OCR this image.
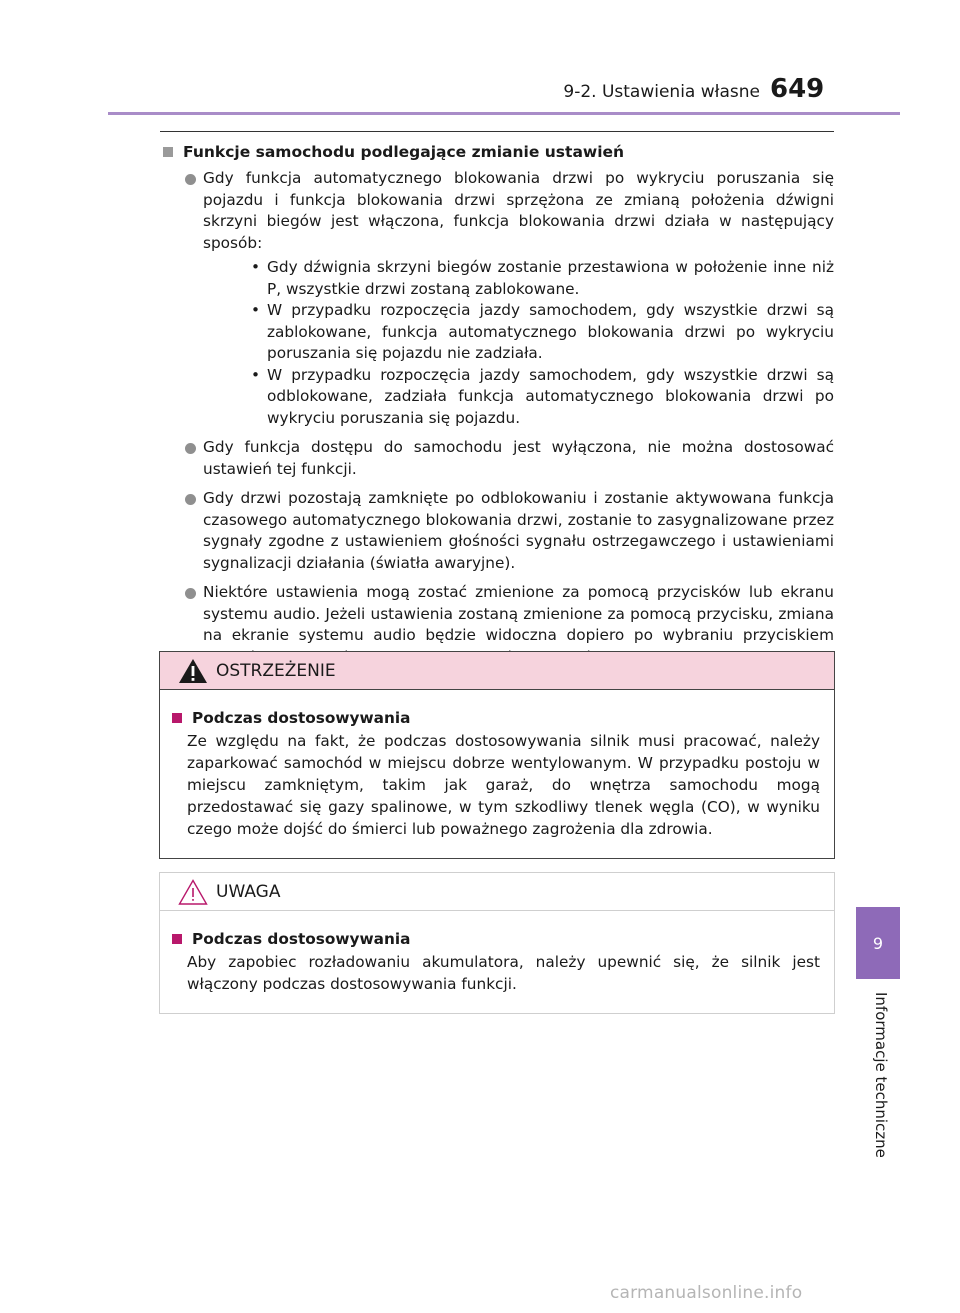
9-2. Ustawienia własne 649
9
Informacje techniczne
Funkcje samochodu podlegające zmianie ustawień
Gdy funkcja automatycznego blokowania drzwi po wykryciu poruszania się pojazdu i funkcja blokowania drzwi sprzężona ze zmianą położenia dźwigni skrzyni biegów jest włączona, funkcja blokowania drzwi działa w następujący sposób:
• Gdy dźwignia skrzyni biegów zostanie przestawiona w położenie inne niż P, wszystkie drzwi zostaną zablokowane.
• W przypadku rozpoczęcia jazdy samochodem, gdy wszystkie drzwi są zablokowane, funkcja automatycznego blokowania drzwi po wykryciu poruszania się pojazdu nie zadziała.
• W przypadku rozpoczęcia jazdy samochodem, gdy wszystkie drzwi są odblokowane, zadziała funkcja automatycznego blokowania drzwi po wykryciu poruszania się pojazdu.
Gdy funkcja dostępu do samochodu jest wyłączona, nie można dostosować ustawień tej funkcji.
Gdy drzwi pozostają zamknięte po odblokowaniu i zostanie aktywowana funkcja czasowego automatycznego blokowania drzwi, zostanie to zasygnalizowane przez sygnały zgodne z ustawieniem głośności sygnału ostrzegawczego i ustawieniami sygnalizacji działania (światła awaryjne).
Niektóre ustawienia mogą zostać zmienione za pomocą przycisków lub ekranu systemu audio. Jeżeli ustawienia zostaną zmienione za pomocą przycisku, zmiana na ekranie systemu audio będzie widoczna dopiero po wybraniu przyciskiem
OSTRZEŻENIE
Podczas dostosowywania
Ze względu na fakt, że podczas dostosowywania silnik musi pracować, należy zaparkować samochód w miejscu dobrze wentylowanym. W przypadku postoju w miejscu zamkniętym, takim jak garaż, do wnętrza samochodu mogą przedostawać się gazy spalinowe, w tym szkodliwy tlenek węgla (CO), w wyniku czego może dojść do śmierci lub poważnego zagrożenia dla zdrowia.
UWAGA
Podczas dostosowywania
Aby zapobiec rozładowaniu akumulatora, należy upewnić się, że silnik jest włączony podczas dostosowywania funkcji.
carmanualsonline.info
